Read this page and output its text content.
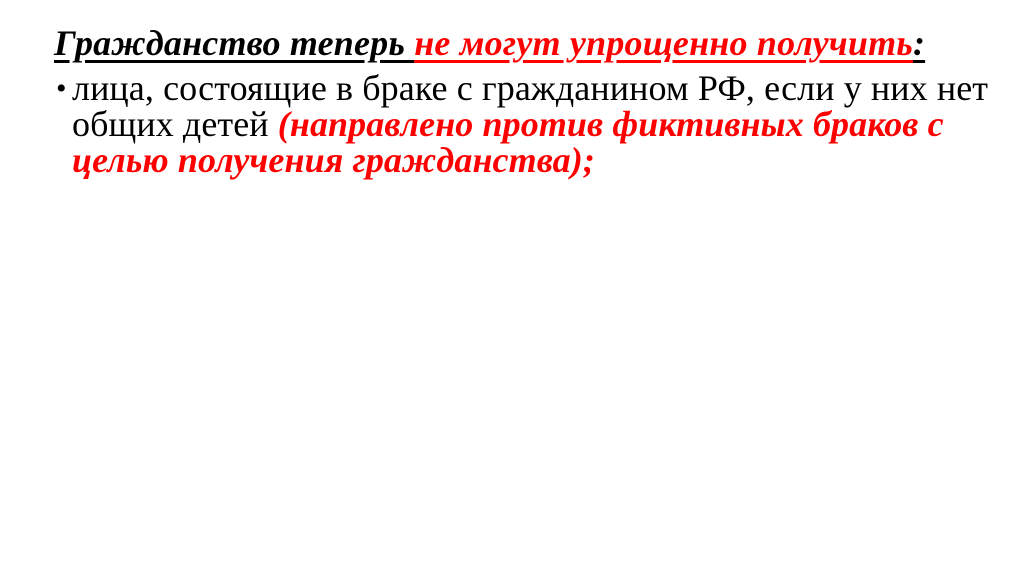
Гражданство теперь не могут упрощенно получить:
• лица, состоящие в браке с гражданином РФ, если у них нет
общих детей (направлено против фиктивных браков с
целью получения гражданства);
